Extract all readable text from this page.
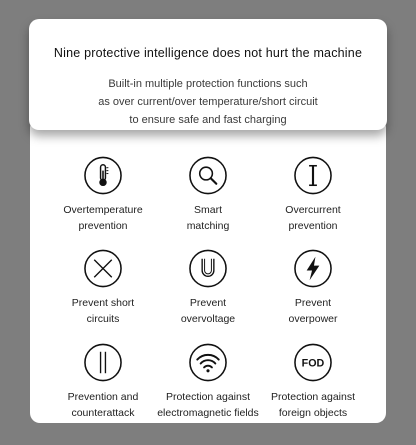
Nine protective intelligence does not hurt the machine
Built-in multiple protection functions such
as over current/over temperature/short circuit
to ensure safe and fast charging
Overtemperature
prevention
Smart
matching
Overcurrent
prevention
Prevent short
circuits
Prevent
overvoltage
Prevent
overpower
Prevention and
counterattack
Protection against
electromagnetic fields
FOD
Protection against
foreign objects
